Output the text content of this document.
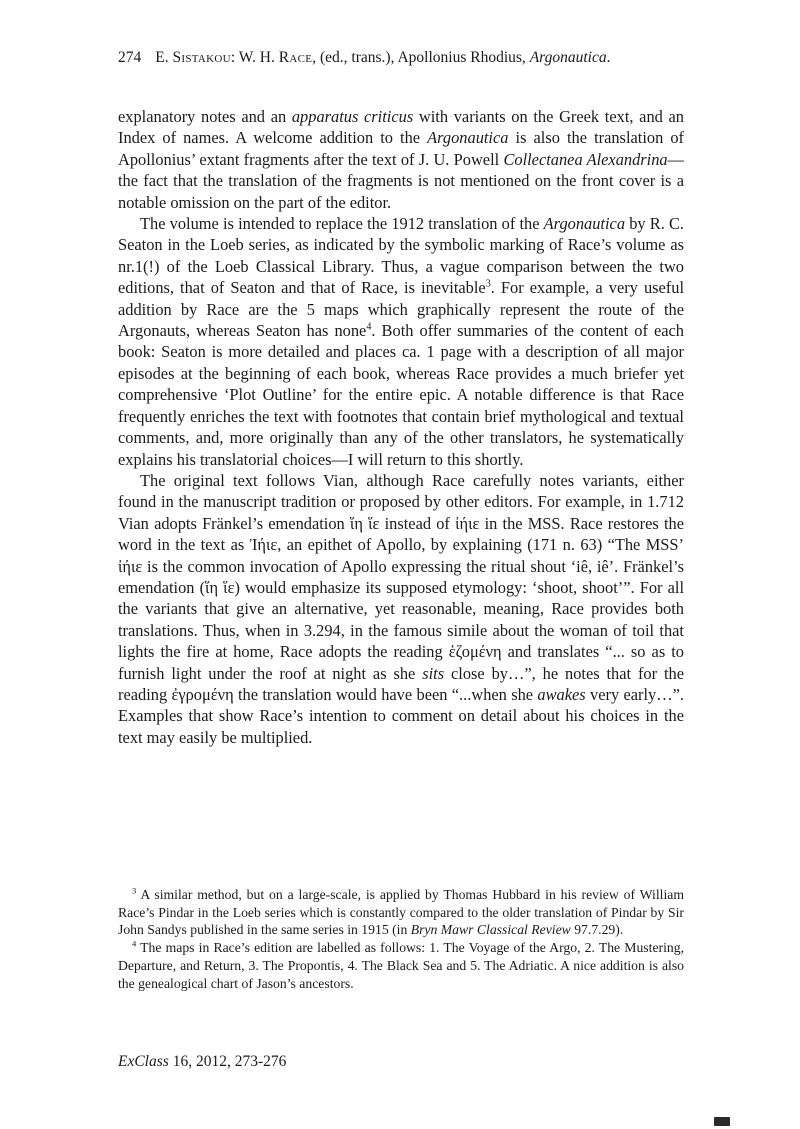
274 E. Sistakou: W. H. Race, (ed., trans.), Apollonius Rhodius, Argonautica.

explanatory notes and an apparatus criticus with variants on the Greek text, and an Index of names. A welcome addition to the Argonautica is also the translation of Apollonius’ extant fragments after the text of J. U. Powell Collectanea Alexandrina—the fact that the translation of the fragments is not mentioned on the front cover is a notable omission on the part of the editor.

The volume is intended to replace the 1912 translation of the Argonautica by R. C. Seaton in the Loeb series, as indicated by the symbolic marking of Race’s volume as nr.1(!) of the Loeb Classical Library. Thus, a vague comparison between the two editions, that of Seaton and that of Race, is inevitable$^3$. For example, a very useful addition by Race are the 5 maps which graphically represent the route of the Argonauts, whereas Seaton has none$^4$. Both offer summaries of the content of each book: Seaton is more detailed and places ca. 1 page with a description of all major episodes at the beginning of each book, whereas Race provides a much briefer yet comprehensive ‘Plot Outline’ for the entire epic. A notable difference is that Race frequently enriches the text with footnotes that contain brief mythological and textual comments, and, more originally than any of the other translators, he systematically explains his translatorial choices—I will return to this shortly.

The original text follows Vian, although Race carefully notes variants, either found in the manuscript tradition or proposed by other editors. For example, in 1.712 Vian adopts Fränkel’s emendation ἵη ἵε instead of ἰήιε in the MSS. Race restores the word in the text as Ἰήιε, an epithet of Apollo, by explaining (171 n. 63) “The MSS’ ἰήιε is the common invocation of Apollo expressing the ritual shout ‘iê, iê’. Fränkel’s emendation (ἵη ἵε) would emphasize its supposed etymology: ‘shoot, shoot’”. For all the variants that give an alternative, yet reasonable, meaning, Race provides both translations. Thus, when in 3.294, in the famous simile about the woman of toil that lights the fire at home, Race adopts the reading ἑζομένη and translates “... so as to furnish light under the roof at night as she sits close by…”, he notes that for the reading ἐγρομένη the translation would have been “...when she awakes very early…”. Examples that show Race’s intention to comment on detail about his choices in the text may easily be multiplied.

$^3$ A similar method, but on a large-scale, is applied by Thomas Hubbard in his review of William Race’s Pindar in the Loeb series which is constantly compared to the older translation of Pindar by Sir John Sandys published in the same series in 1915 (in Bryn Mawr Classical Review 97.7.29).

$^4$ The maps in Race’s edition are labelled as follows: 1. The Voyage of the Argo, 2. The Mustering, Departure, and Return, 3. The Propontis, 4. The Black Sea and 5. The Adriatic. A nice addition is also the genealogical chart of Jason’s ancestors.

ExClass 16, 2012, 273-276
